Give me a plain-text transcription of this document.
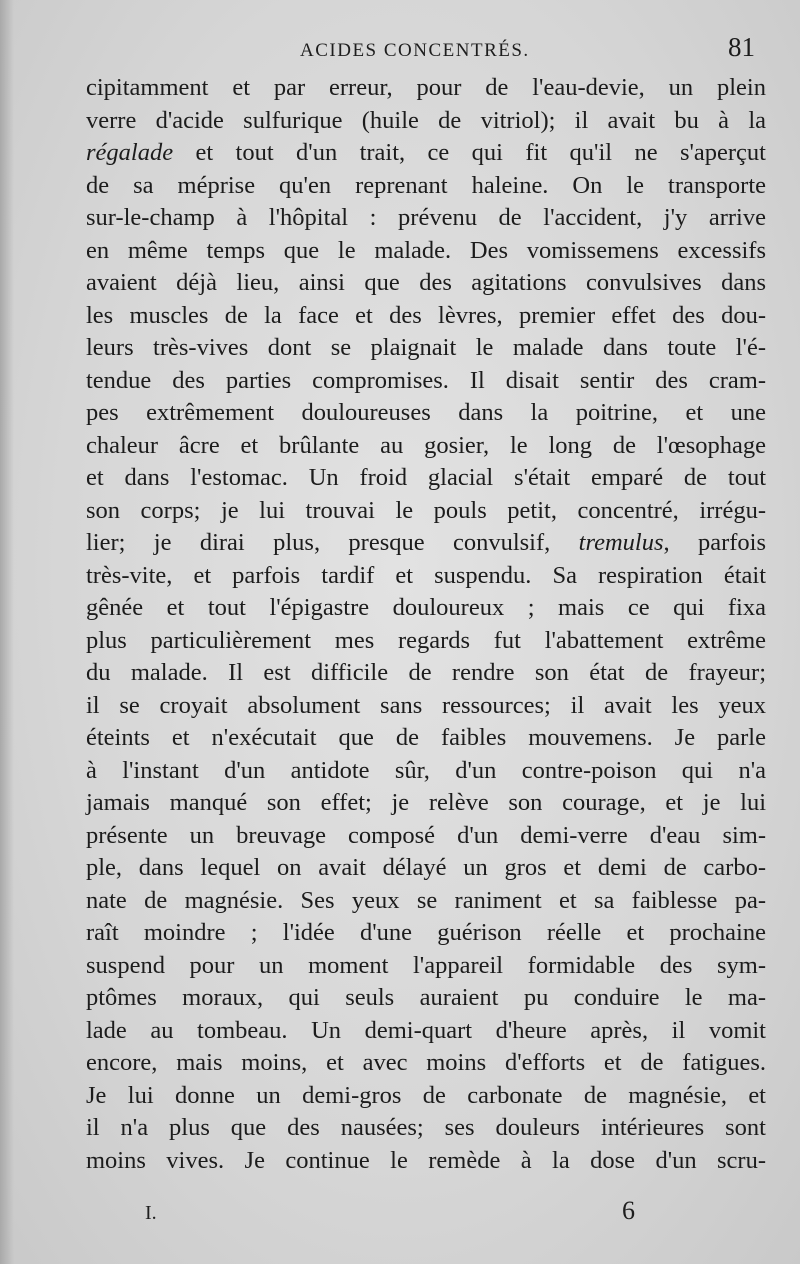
ACIDES CONCENTRÉS.	81
cipitamment et par erreur, pour de l'eau-devie, un plein
verre d'acide sulfurique (huile de vitriol); il avait bu à la
régalade et tout d'un trait, ce qui fit qu'il ne s'aperçut
de sa méprise qu'en reprenant haleine. On le transporte
sur-le-champ à l'hôpital : prévenu de l'accident, j'y arrive
en même temps que le malade. Des vomissemens excessifs
avaient déjà lieu, ainsi que des agitations convulsives dans
les muscles de la face et des lèvres, premier effet des dou-
leurs très-vives dont se plaignait le malade dans toute l'é-
tendue des parties compromises. Il disait sentir des cram-
pes extrêmement douloureuses dans la poitrine, et une
chaleur âcre et brûlante au gosier, le long de l'œsophage
et dans l'estomac. Un froid glacial s'était emparé de tout
son corps; je lui trouvai le pouls petit, concentré, irrégu-
lier; je dirai plus, presque convulsif, tremulus, parfois
très-vite, et parfois tardif et suspendu. Sa respiration était
gênée et tout l'épigastre douloureux ; mais ce qui fixa
plus particulièrement mes regards fut l'abattement extrême
du malade. Il est difficile de rendre son état de frayeur;
il se croyait absolument sans ressources; il avait les yeux
éteints et n'exécutait que de faibles mouvemens. Je parle
à l'instant d'un antidote sûr, d'un contre-poison qui n'a
jamais manqué son effet; je relève son courage, et je lui
présente un breuvage composé d'un demi-verre d'eau sim-
ple, dans lequel on avait délayé un gros et demi de carbo-
nate de magnésie. Ses yeux se raniment et sa faiblesse pa-
raît moindre ; l'idée d'une guérison réelle et prochaine
suspend pour un moment l'appareil formidable des sym-
ptômes moraux, qui seuls auraient pu conduire le ma-
lade au tombeau. Un demi-quart d'heure après, il vomit
encore, mais moins, et avec moins d'efforts et de fatigues.
Je lui donne un demi-gros de carbonate de magnésie, et
il n'a plus que des nausées; ses douleurs intérieures sont
moins vives. Je continue le remède à la dose d'un scru-
I.	6
